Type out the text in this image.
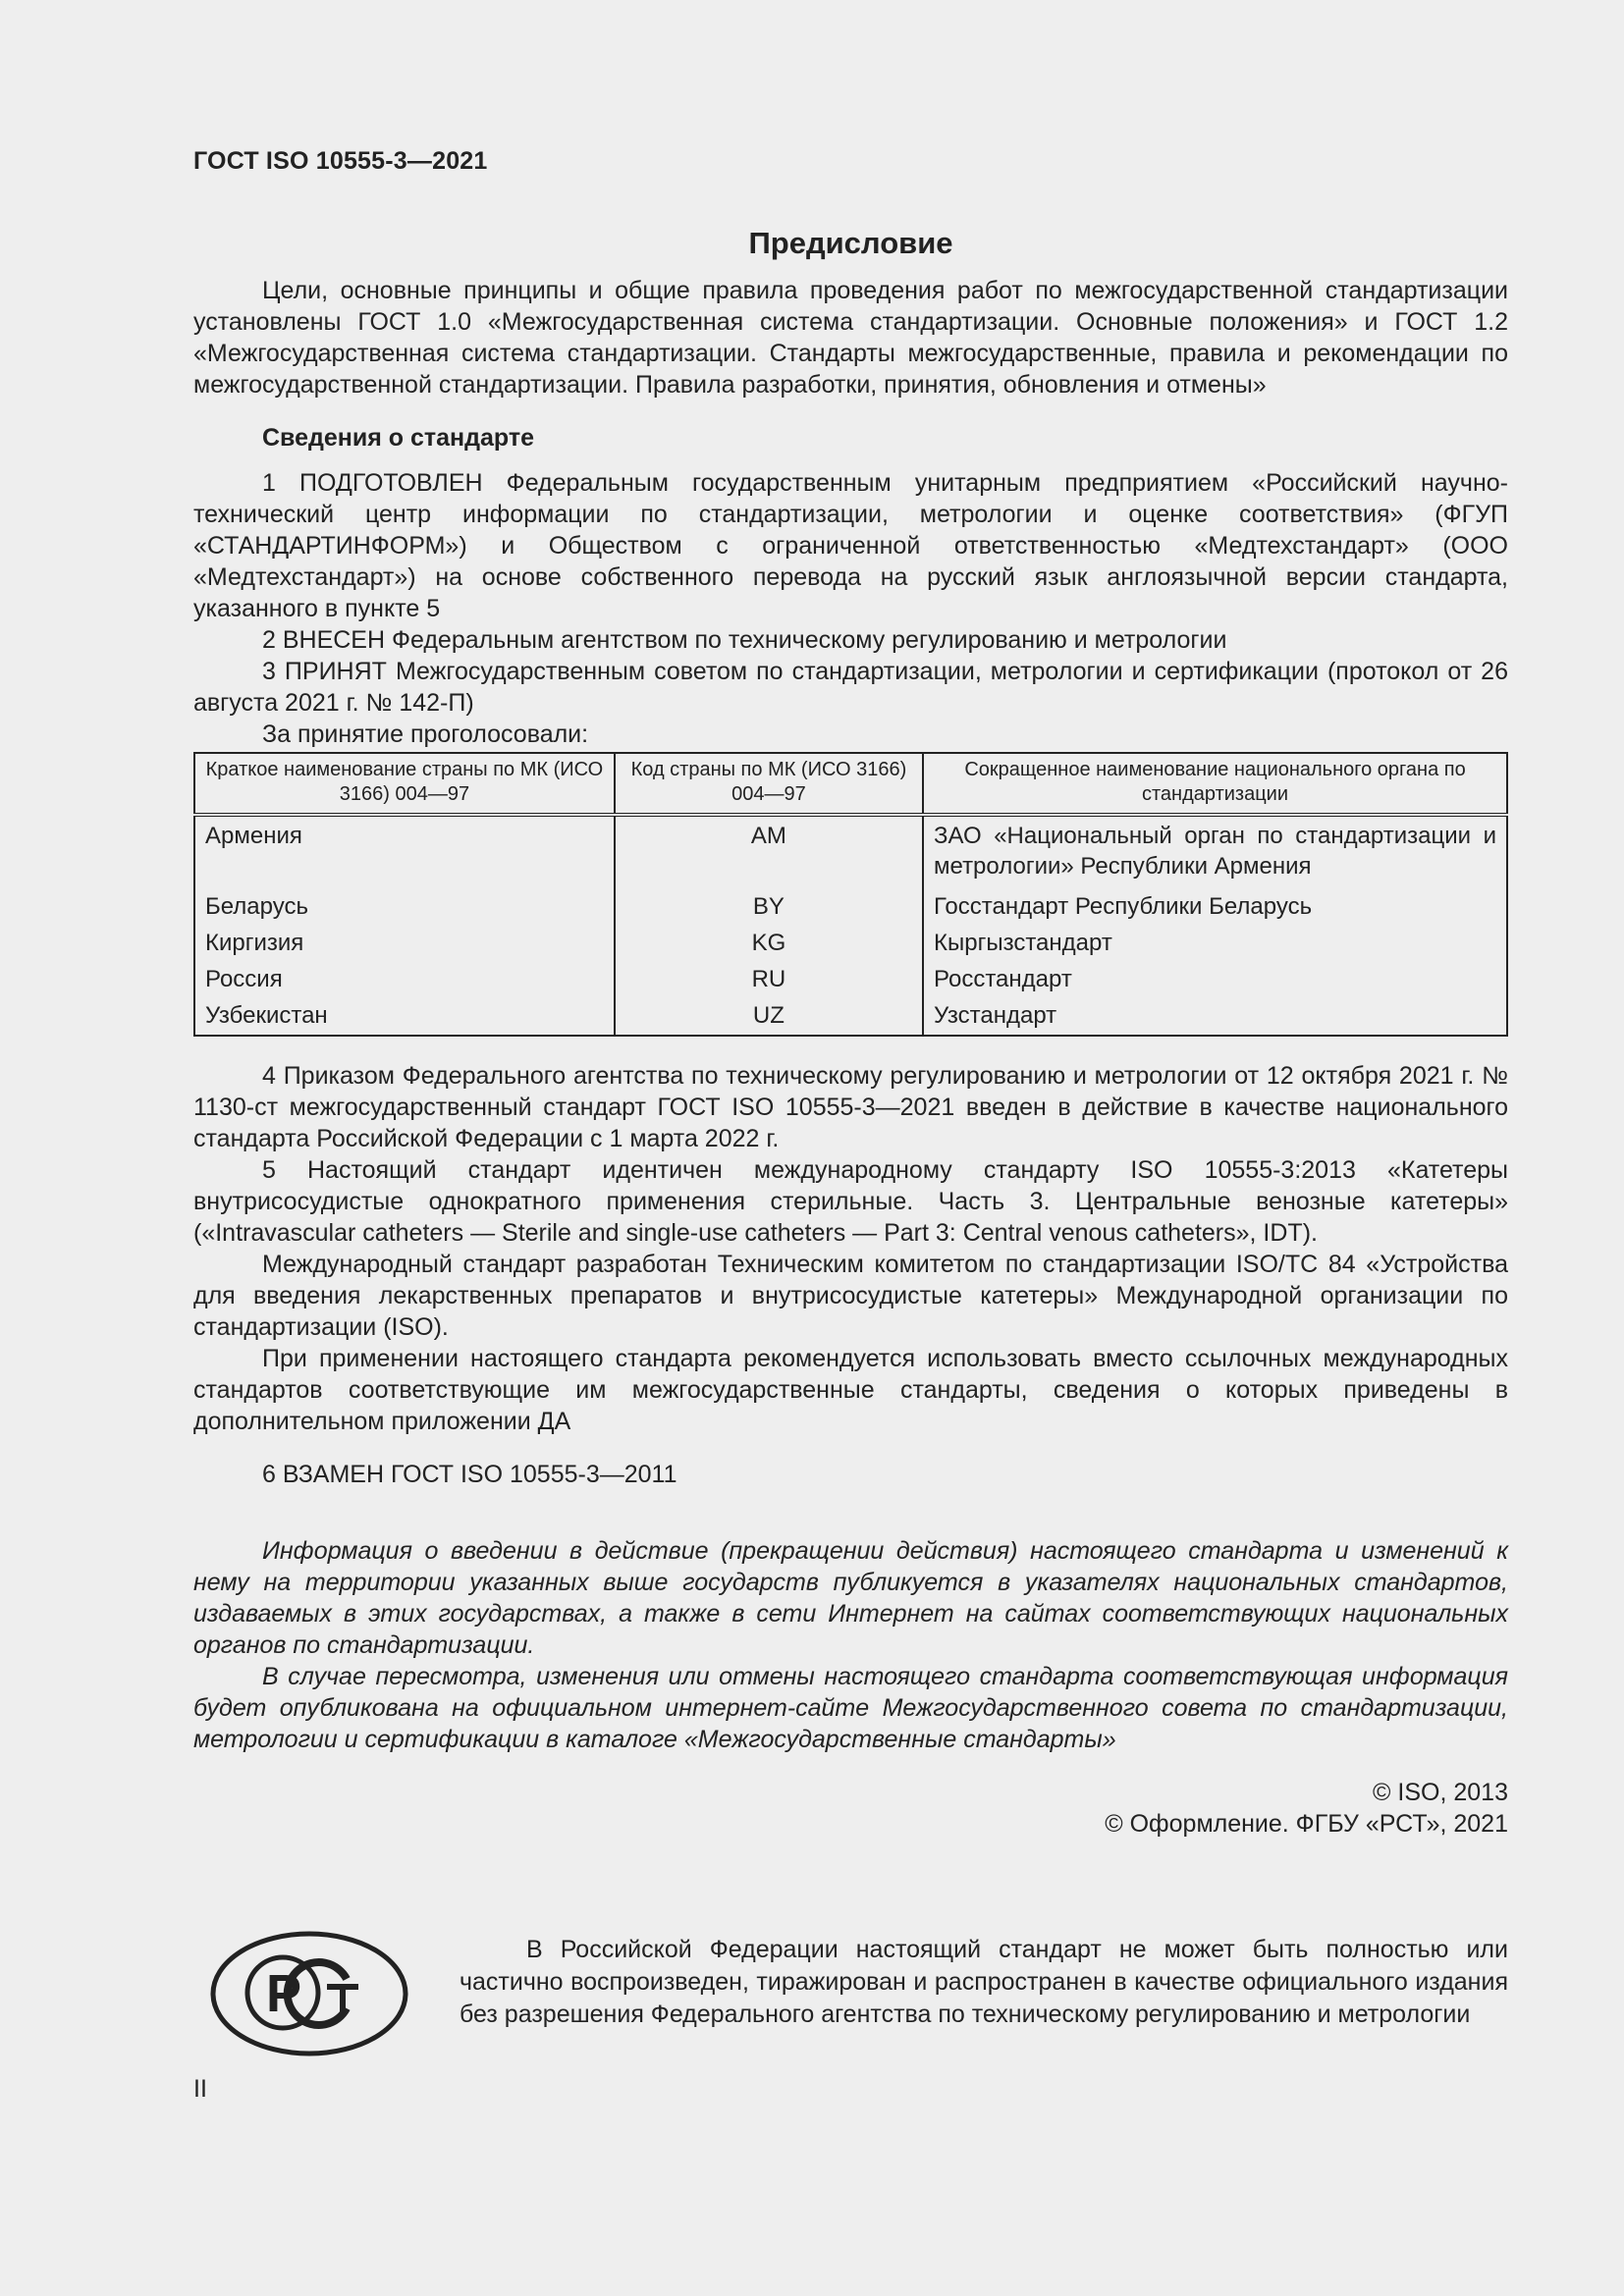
ГОСТ ISO 10555-3—2021
Предисловие

Цели, основные принципы и общие правила проведения работ по межгосударственной стандартизации установлены ГОСТ 1.0 «Межгосударственная система стандартизации. Основные положения» и ГОСТ 1.2 «Межгосударственная система стандартизации. Стандарты межгосударственные, правила и рекомендации по межгосударственной стандартизации. Правила разработки, принятия, обновления и отмены»

Сведения о стандарте

1 ПОДГОТОВЛЕН Федеральным государственным унитарным предприятием «Российский научно-технический центр информации по стандартизации, метрологии и оценке соответствия» (ФГУП «СТАНДАРТИНФОРМ») и Обществом с ограниченной ответственностью «Медтехстандарт» (ООО «Медтехстандарт») на основе собственного перевода на русский язык англоязычной версии стандарта, указанного в пункте 5

2 ВНЕСЕН Федеральным агентством по техническому регулированию и метрологии

3 ПРИНЯТ Межгосударственным советом по стандартизации, метрологии и сертификации (протокол от 26 августа 2021 г. № 142-П)

За принятие проголосовали:

Краткое наименование страны по МК (ИСО 3166) 004—97	Код страны по МК (ИСО 3166) 004—97	Сокращенное наименование национального органа по стандартизации
Армения	AM	ЗАО «Национальный орган по стандартизации и метрологии» Республики Армения
Беларусь	BY	Госстандарт Республики Беларусь
Киргизия	KG	Кыргызстандарт
Россия	RU	Росстандарт
Узбекистан	UZ	Узстандарт

4 Приказом Федерального агентства по техническому регулированию и метрологии от 12 октября 2021 г. № 1130-ст межгосударственный стандарт ГОСТ ISO 10555-3—2021 введен в действие в качестве национального стандарта Российской Федерации с 1 марта 2022 г.

5 Настоящий стандарт идентичен международному стандарту ISO 10555-3:2013 «Катетеры внутрисосудистые однократного применения стерильные. Часть 3. Центральные венозные катетеры» («Intravascular catheters — Sterile and single-use catheters — Part 3: Central venous catheters», IDT).

Международный стандарт разработан Техническим комитетом по стандартизации ISO/TC 84 «Устройства для введения лекарственных препаратов и внутрисосудистые катетеры» Международной организации по стандартизации (ISO).

При применении настоящего стандарта рекомендуется использовать вместо ссылочных международных стандартов соответствующие им межгосударственные стандарты, сведения о которых приведены в дополнительном приложении ДА

6 ВЗАМЕН ГОСТ ISO 10555-3—2011

Информация о введении в действие (прекращении действия) настоящего стандарта и изменений к нему на территории указанных выше государств публикуется в указателях национальных стандартов, издаваемых в этих государствах, а также в сети Интернет на сайтах соответствующих национальных органов по стандартизации.

В случае пересмотра, изменения или отмены настоящего стандарта соответствующая информация будет опубликована на официальном интернет-сайте Межгосударственного совета по стандартизации, метрологии и сертификации в каталоге «Межгосударственные стандарты»

© ISO, 2013
© Оформление. ФГБУ «РСТ», 2021
Р

В Российской Федерации настоящий стандарт не может быть полностью или частично воспроизведен, тиражирован и распространен в качестве официального издания без разрешения Федерального агентства по техническому регулированию и метрологии

II
